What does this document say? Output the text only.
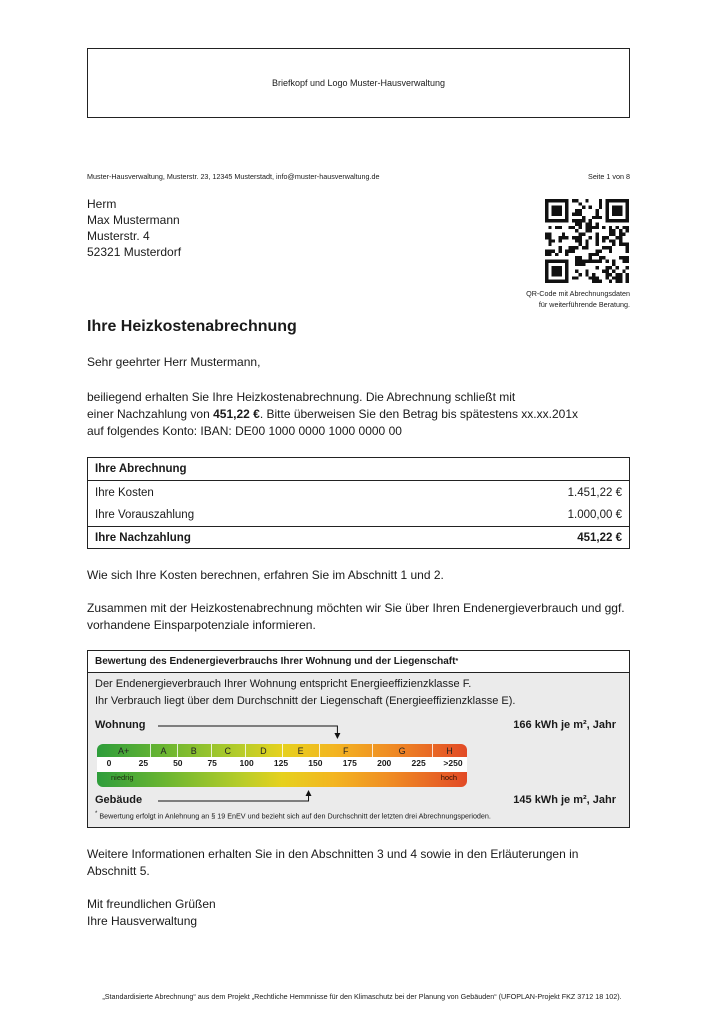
Briefkopf und Logo Muster-Hausverwaltung
Muster-Hausverwaltung, Musterstr. 23, 12345 Musterstadt, info@muster-hausverwaltung.de	Seite 1 von 8
Herm
Max Mustermann
Musterstr. 4
52321 Musterdorf
QR-Code mit Abrechnungsdaten
für weiterführende Beratung.
Ihre Heizkostenabrechnung
Sehr geehrter Herr Mustermann,
beiliegend erhalten Sie Ihre Heizkostenabrechnung. Die Abrechnung schließt mit
einer Nachzahlung von 451,22 €. Bitte überweisen Sie den Betrag bis spätestens xx.xx.201x
auf folgendes Konto: IBAN: DE00 1000 0000 1000 0000 00
Ihre Abrechnung
Ihre Kosten	1.451,22 €
Ihre Vorauszahlung	1.000,00 €
Ihre Nachzahlung	451,22 €
Wie sich Ihre Kosten berechnen, erfahren Sie im Abschnitt 1 und 2.
Zusammen mit der Heizkostenabrechnung möchten wir Sie über Ihren Endenergieverbrauch und ggf.
vorhandene Einsparpotenziale informieren.
Bewertung des Endenergieverbrauchs Ihrer Wohnung und der Liegenschaft *
Der Endenergieverbrauch Ihrer Wohnung entspricht Energieeffizienzklasse F.
Ihr Verbrauch liegt über dem Durchschnitt der Liegenschaft (Energieeffizienzklasse E).
Wohnung	166 kWh je m², Jahr
A+	A	B	C	D	E	F	G	H
0	25	50	75	100 125 150 175 200 225 >250
niedrig	hoch
Gebäude	145 kWh je m², Jahr
* Bewertung erfolgt in Anlehnung an § 19 EnEV und bezieht sich auf den Durchschnitt der letzten drei Abrechnungsperioden.
Weitere Informationen erhalten Sie in den Abschnitten 3 und 4 sowie in den Erläuterungen in
Abschnitt 5.
Mit freundlichen Grüßen
Ihre Hausverwaltung
„Standardisierte Abrechnung“ aus dem Projekt „Rechtliche Hemmnisse für den Klimaschutz bei der Planung von Gebäuden“ (UFOPLAN-Projekt FKZ 3712 18 102).
